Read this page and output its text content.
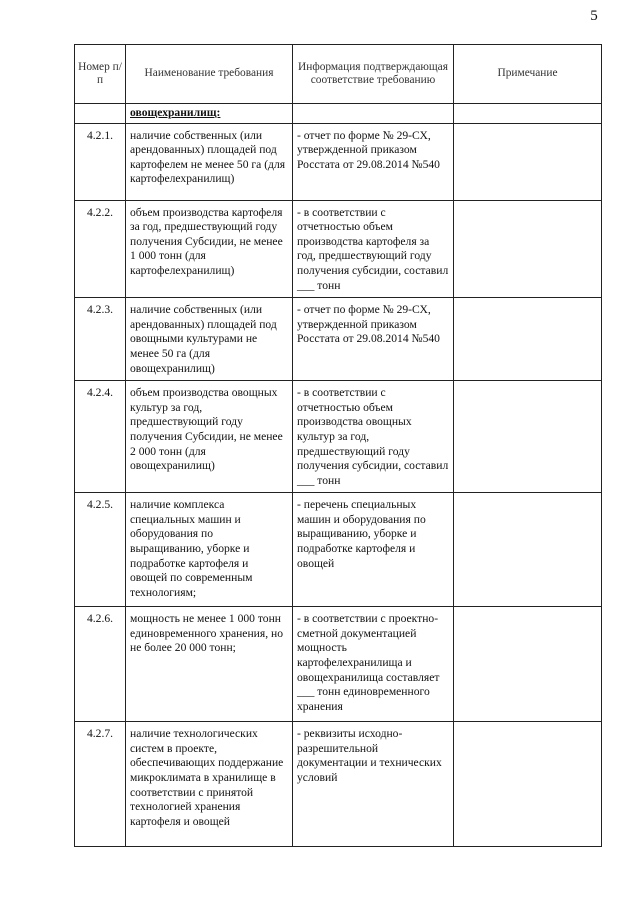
5
Номер п/п	Наименование требования	Информация подтверждающая соответствие требованию	Примечание
	овощехранилищ:		
4.2.1.	наличие собственных (или арендованных) площадей под картофелем не менее 50 га (для картофелехранилищ)	- отчет по форме № 29-СХ, утвержденной приказом Росстата от 29.08.2014 №540	
4.2.2.	объем производства картофеля за год, предшествующий году получения Субсидии, не менее 1 000 тонн (для картофелехранилищ)	- в соответствии с отчетностью объем производства картофеля за год, предшествующий году получения субсидии, составил ___ тонн	
4.2.3.	наличие собственных (или арендованных) площадей под овощными культурами не менее 50 га (для овощехранилищ)	- отчет по форме № 29-СХ, утвержденной приказом Росстата от 29.08.2014 №540	
4.2.4.	объем производства овощных культур за год, предшествующий году получения Субсидии, не менее 2 000 тонн (для овощехранилищ)	- в соответствии с отчетностью объем производства овощных культур за год, предшествующий году получения субсидии, составил ___ тонн	
4.2.5.	наличие комплекса специальных машин и оборудования по выращиванию, уборке и подработке картофеля и овощей по современным технологиям;	- перечень специальных машин и оборудования по выращиванию, уборке и подработке картофеля и овощей	
4.2.6.	мощность не менее 1 000 тонн единовременного хранения, но не более 20 000 тонн;	- в соответствии с проектно-сметной документацией мощность картофелехранилища и овощехранилища составляет ___ тонн единовременного хранения	
4.2.7.	наличие технологических систем в проекте, обеспечивающих поддержание микроклимата в хранилище в соответствии с принятой технологией хранения картофеля и овощей	- реквизиты исходно-разрешительной документации и технических условий	
